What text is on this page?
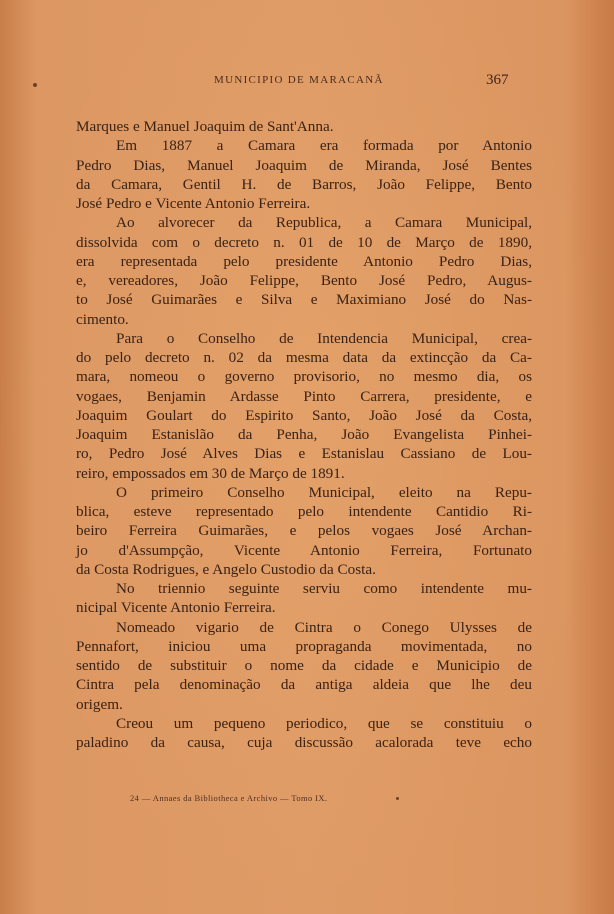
MUNICIPIO DE MARACANÃ	367

Marques e Manuel Joaquim de Sant'Anna.

Em 1887 a Camara era formada por Antonio
Pedro Dias, Manuel Joaquim de Miranda, José Bentes
da Camara, Gentil H. de Barros, João Felippe, Bento
José Pedro e Vicente Antonio Ferreira.

Ao alvorecer da Republica, a Camara Municipal,
dissolvida com o decreto n. 01 de 10 de Março de 1890,
era representada pelo presidente Antonio Pedro Dias,
e, vereadores, João Felippe, Bento José Pedro, Augus-
to José Guimarães e Silva e Maximiano José do Nas-
cimento.

Para o Conselho de Intendencia Municipal, crea-
do pelo decreto n. 02 da mesma data da extincção da Ca-
mara, nomeou o governo provisorio, no mesmo dia, os
vogaes, Benjamin Ardasse Pinto Carrera, presidente, e
Joaquim Goulart do Espirito Santo, João José da Costa,
Joaquim Estanislão da Penha, João Evangelista Pinhei-
ro, Pedro José Alves Dias e Estanislau Cassiano de Lou-
reiro, empossados em 30 de Março de 1891.

O primeiro Conselho Municipal, eleito na Repu-
blica, esteve representado pelo intendente Cantidio Ri-
beiro Ferreira Guimarães, e pelos vogaes José Archan-
jo d'Assumpção, Vicente Antonio Ferreira, Fortunato
da Costa Rodrigues, e Angelo Custodio da Costa.

No triennio seguinte serviu como intendente mu-
nicipal Vicente Antonio Ferreira.

Nomeado vigario de Cintra o Conego Ulysses de
Pennafort, iniciou uma propraganda movimentada, no
sentido de substituir o nome da cidade e Municipio de
Cintra pela denominação da antiga aldeia que lhe deu
origem.

Creou um pequeno periodico, que se constituiu o
paladino da causa, cuja discussão acalorada teve echo

24 — Annaes da Bibliotheca e Archivo — Tomo IX.
